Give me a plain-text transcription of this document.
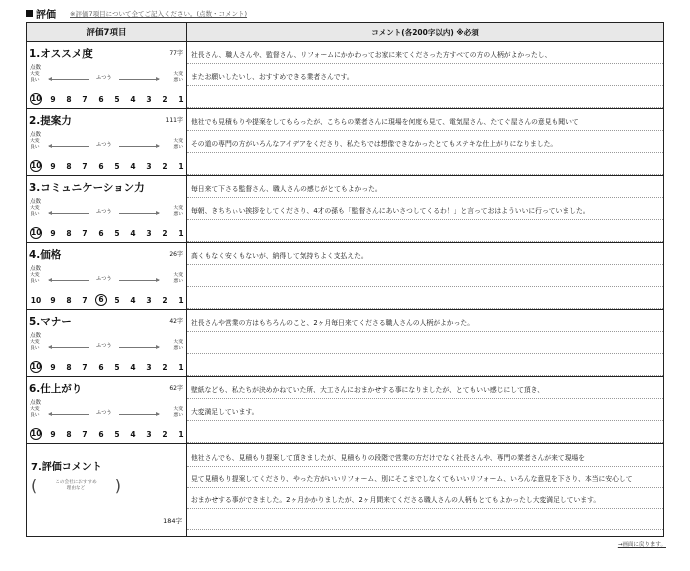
評価 ※評価7項目について全てご記入ください。(点数・コメント)
評価7項目	コメント(各200字以内) ※必須
1.オススメ度	77字
点数
大変
良い	ふつう
大変
悪い
10	9	8	7	6	5	4	3	2	1
社長さん、職人さんや、監督さん、リフォームにかかわってお家に来てくださった方すべての方の人柄がよかったし、
またお願いしたいし、おすすめできる業者さんです。
2.提案力	111字
点数
大変
良い	ふつう
大変
悪い
10	9	8	7	6	5	4	3	2	1
他社でも見積もりや提案をしてもらったが、こちらの業者さんに現場を何度も見て、電気屋さん、たてぐ屋さんの意見も聞いて
その道の専門の方がいろんなアイデアをくださり、私たちでは想像できなかったとてもステキな仕上がりになりました。
3.コミュニケーション力
点数
大変
良い	ふつう
大変
悪い
10	9	8	7	6	5	4	3	2	1
毎日来て下さる監督さん、職人さんの感じがとてもよかった。
毎朝、きちちぃい挨拶をしてくださり、4才の孫も「監督さんにあいさつしてくるわ！」と言っておはよういいに行っていました。
4.価格	26字
点数
大変
良い	ふつう
大変
悪い
10	9	8	7	6	5	4	3	2	1
高くもなく安くもないが、納得して気持ちよく支払えた。
5.マナー	42字
点数
大変
良い	ふつう
大変
悪い
10	9	8	7	6	5	4	3	2	1
社長さんや営業の方はもちろんのこと、2ヶ月毎日来てくださる職人さんの人柄がよかった。
6.仕上がり	62字
点数
大変
良い	ふつう
大変
悪い
10	9	8	7	6	5	4	3	2	1
壁紙なども、私たちが決めかねていた所、大工さんにおまかせする事になりましたが、とてもいい感じにして頂き、
大変満足しています。
7.評価コメント
(	この会社におすすめ
理由など	)
184字
他社さんでも、見積もり提案して頂きましたが、見積もりの段階で営業の方だけでなく社長さんや、専門の業者さんが来て現場を
見て見積もり提案してくださり、やった方がいいリフォーム、別にそこまでしなくてもいいリフォーム、いろんな意見を下さり、本当に安心して
おまかせする事ができました。2ヶ月かかりましたが、2ヶ月間来てくださる職人さんの人柄もとてもよかったし大変満足しています。
→画面に戻ります。
